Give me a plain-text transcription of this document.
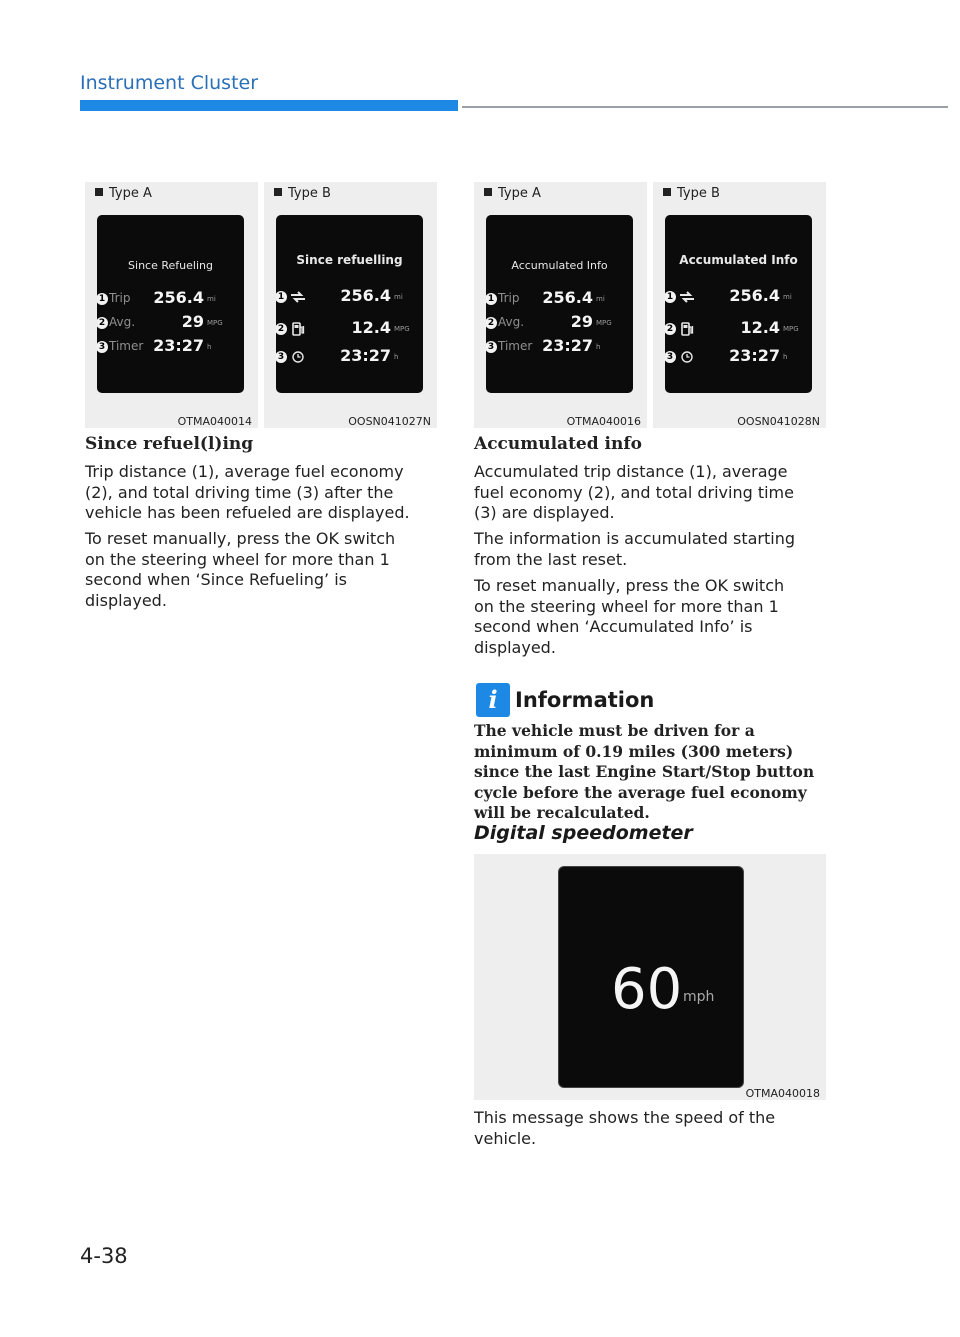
Instrument Cluster
Type A
Since Refueling
1 Trip 256.4 mi
2 Avg.	29 MPG
3 Timer 23:27 h
OTMA040014
Type B
Since refuelling
1	256.4 mi
2	12.4 MPG
3	23:27 h
OOSN041027N
Type A
Accumulated Info
1 Trip 256.4 mi
2 Avg.	29 MPG
3 Timer 23:27 h
OTMA040016
Type B
Accumulated Info
1	256.4 mi
2	12.4 MPG
3	23:27 h
OOSN041028N
Since refuel(l)ing

Trip distance (1), average fuel economy (2), and total driving time (3) after the vehicle has been refueled are displayed.

To reset manually, press the OK switch on the steering wheel for more than 1 second when ‘Since Refueling’ is displayed.

Accumulated info

Accumulated trip distance (1), average fuel economy (2), and total driving time (3) are displayed.

The information is accumulated starting from the last reset.

To reset manually, press the OK switch on the steering wheel for more than 1 second when ‘Accumulated Info’ is displayed.

i Information

The vehicle must be driven for a minimum of 0.19 miles (300 meters) since the last Engine Start/Stop button cycle before the average fuel economy will be recalculated.

Digital speedometer
60 mph
OTMA040018

This message shows the speed of the vehicle.

4-38
